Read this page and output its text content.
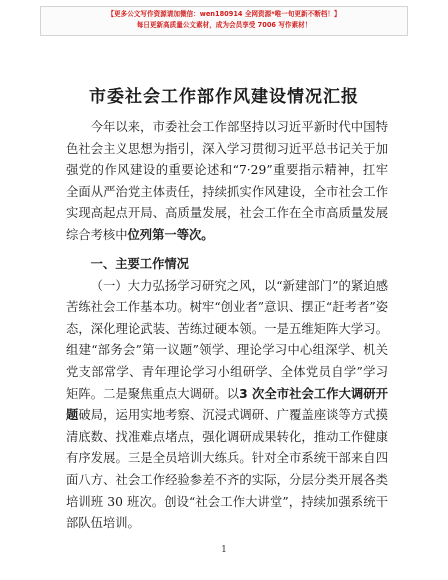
【更多公文写作资源请加微信：wen180914 全网资源*唯一旬更新不断档！】
每日更新高质量公文素材，成为会员享受 7006 写作素材！
市委社会工作部作风建设情况汇报

今年以来，市委社会工作部坚持以习近平新时代中国特色社会主义思想为指引，深入学习贯彻习近平总书记关于加强党的作风建设的重要论述和“7·29”重要指示精神，扛牢全面从严治党主体责任，持续抓实作风建设，全市社会工作实现高起点开局、高质量发展，社会工作在全市高质量发展综合考核中位列第一等次。

一、主要工作情况

（一）大力弘扬学习研究之风，以“新建部门”的紧迫感苦练社会工作基本功。树牢“创业者”意识、摆正“赶考者”姿态，深化理论武装、苦练过硬本领。一是五维矩阵大学习。组建“部务会”第一议题”领学、理论学习中心组深学、机关党支部常学、青年理论学习小组研学、全体党员自学”学习矩阵。二是聚焦重点大调研。以3 次全市社会工作大调研开题破局，运用实地考察、沉浸式调研、广覆盖座谈等方式摸清底数、找准难点堵点，强化调研成果转化，推动工作健康有序发展。三是全员培训大练兵。针对全市系统干部来自四面八方、社会工作经验参差不齐的实际，分层分类开展各类培训班 30 班次。创设“社会工作大讲堂”，持续加强系统干部队伍培训。

1
